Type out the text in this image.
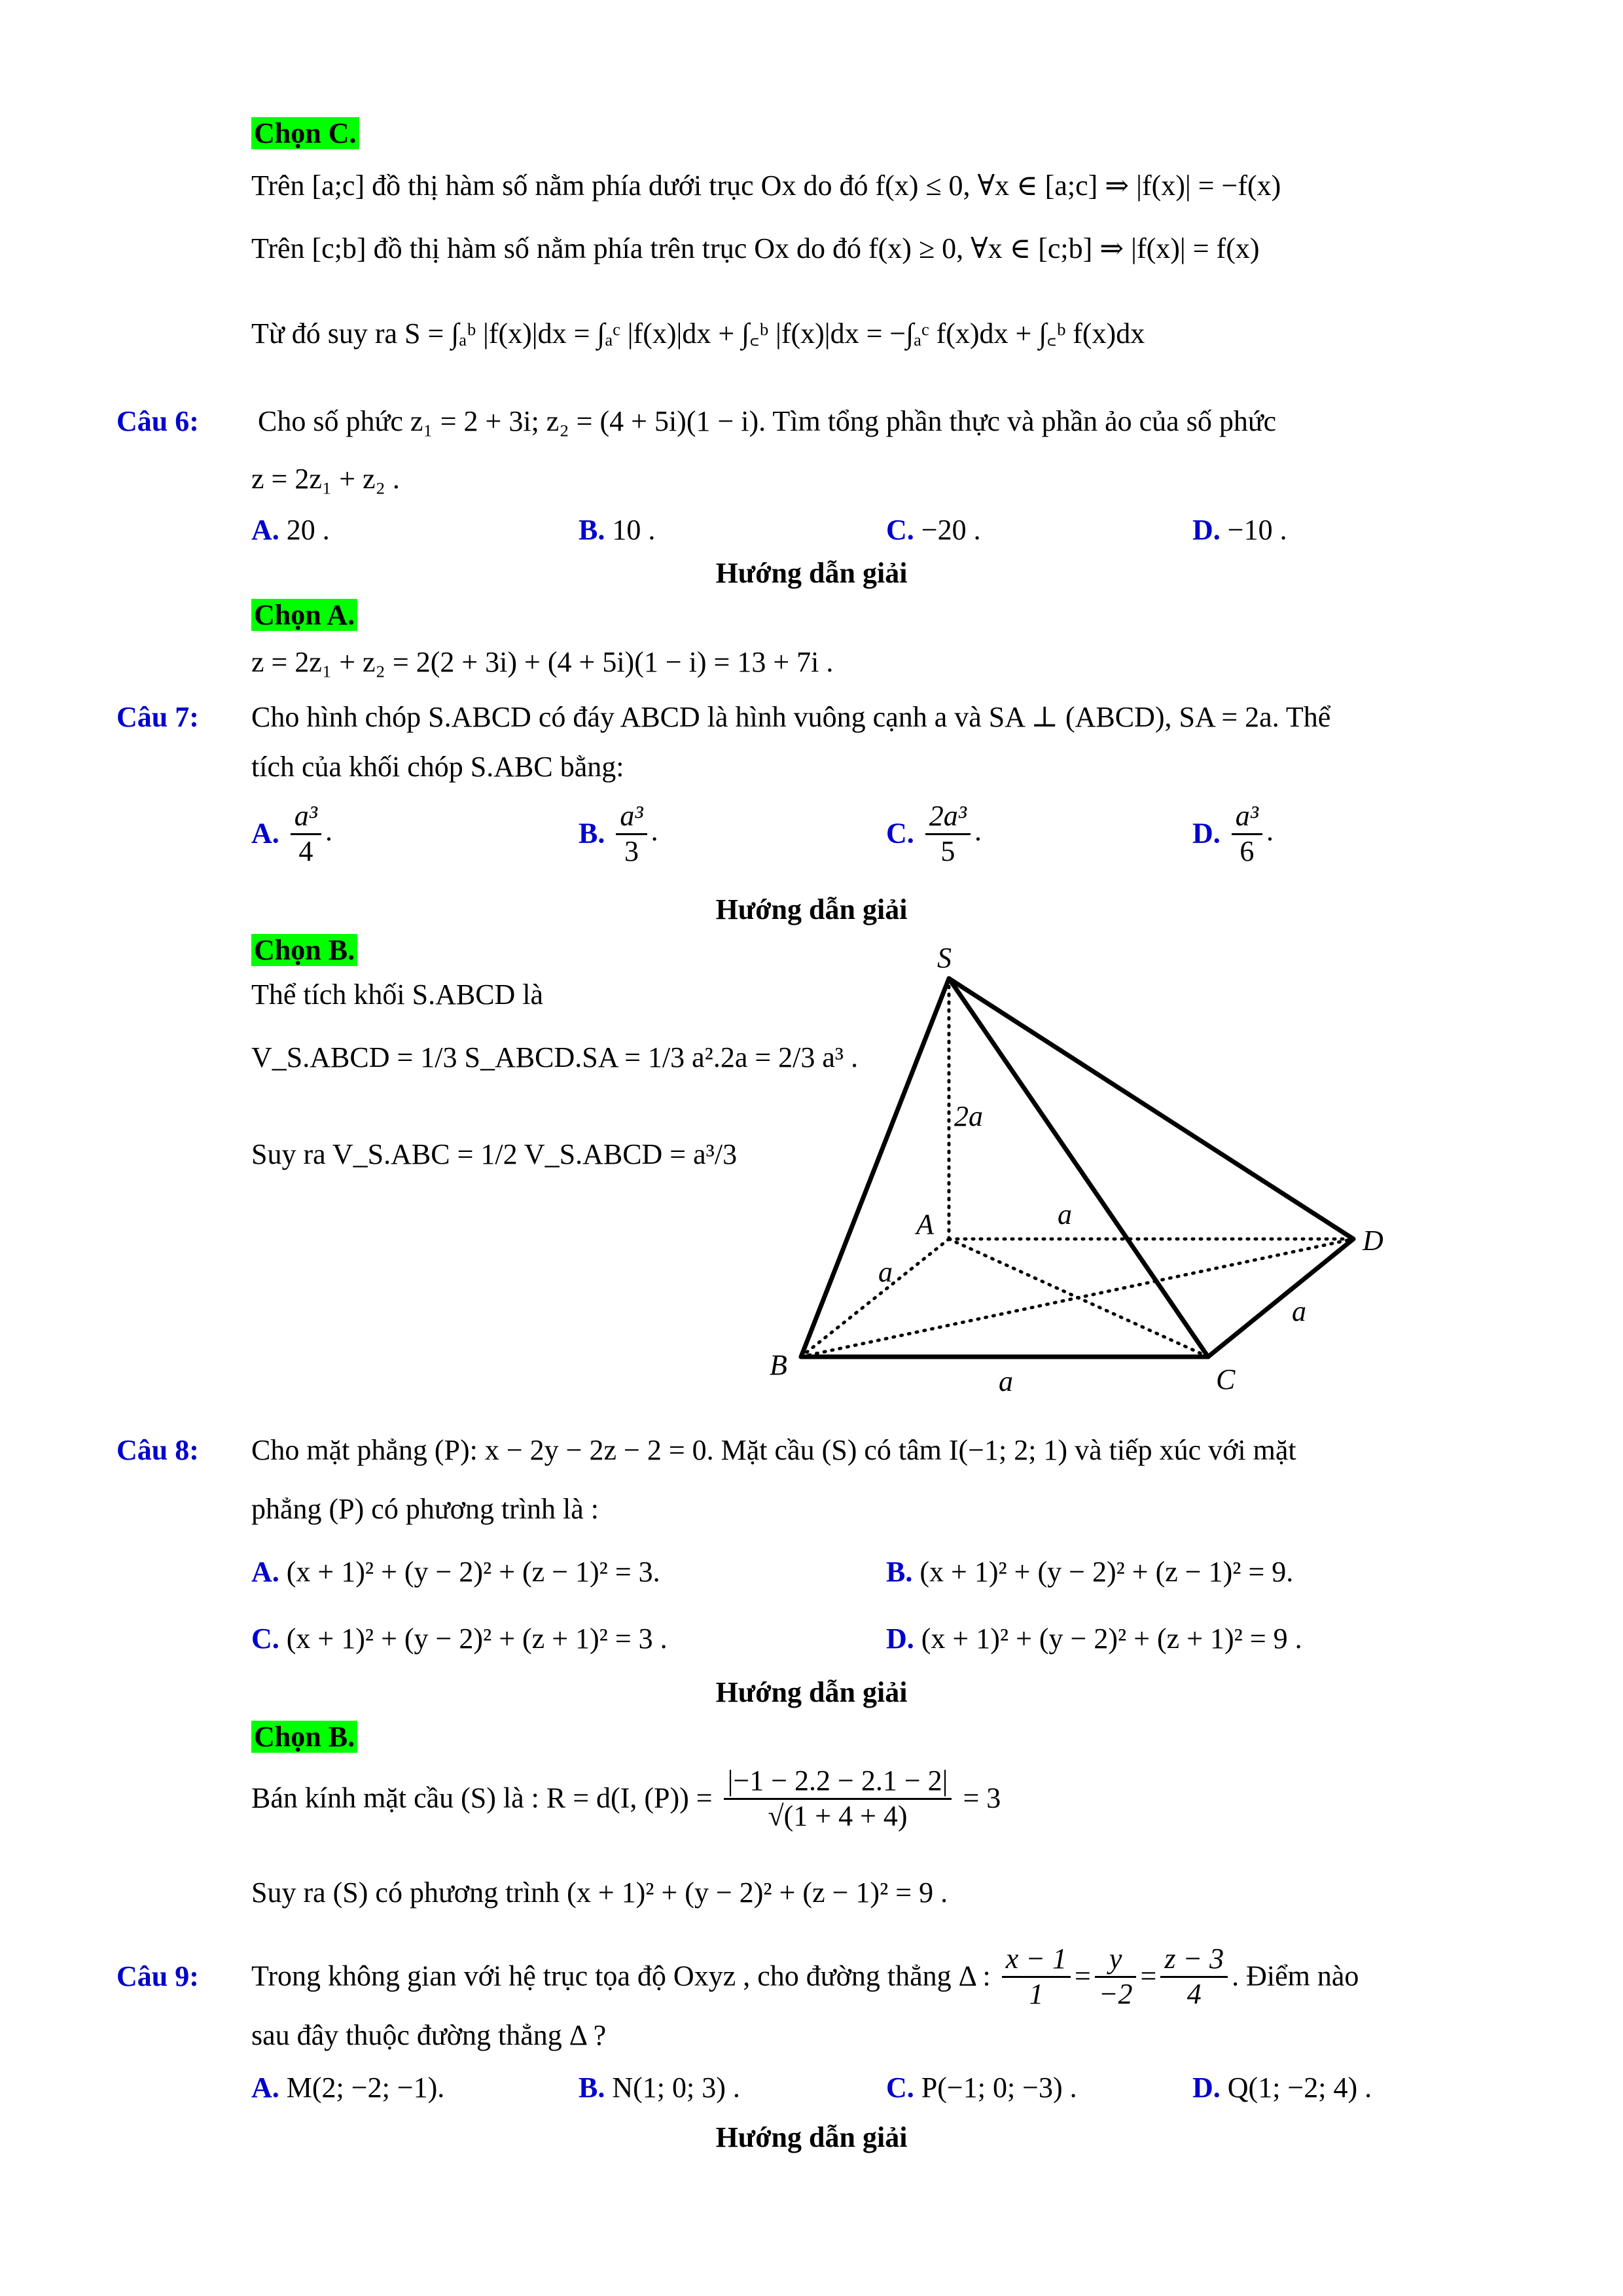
Chọn C.
Trên [a;c] đồ thị hàm số nằm phía dưới trục Ox do đó f(x) ≤ 0, ∀x ∈ [a;c] ⇒ |f(x)| = −f(x)
Trên [c;b] đồ thị hàm số nằm phía trên trục Ox do đó f(x) ≥ 0, ∀x ∈ [c;b] ⇒ |f(x)| = f(x)
Từ đó suy ra S = ∫ₐᵇ |f(x)|dx = ∫ₐᶜ |f(x)|dx + ∫꜀ᵇ |f(x)|dx = −∫ₐᶜ f(x)dx + ∫꜀ᵇ f(x)dx
Câu 6: Cho số phức z₁ = 2 + 3i; z₂ = (4 + 5i)(1 − i). Tìm tổng phần thực và phần ảo của số phức
z = 2z₁ + z₂ .
A. 20 .	B. 10 .	C. −20 .	D. −10 .
Hướng dẫn giải
Chọn A.
z = 2z₁ + z₂ = 2(2 + 3i) + (4 + 5i)(1 − i) = 13 + 7i .
Câu 7: Cho hình chóp S.ABCD có đáy ABCD là hình vuông cạnh a và SA ⊥ (ABCD), SA = 2a. Thể
tích của khối chóp S.ABC bằng:
A. $\frac{\text{a³}}{4}$ .	B. $\frac{\text{a³}}{3}$ .	C. $\frac{\text{2a³}}{5}$ .	D. $\frac{\text{a³}}{6}$ .
Hướng dẫn giải
Chọn B.
Thể tích khối S.ABCD là
V_S.ABCD = 1/3 S_ABCD.SA = 1/3 a².2a = 2/3 a³ .
Suy ra V_S.ABC = 1/2 V_S.ABCD = a³/3
S
A
B	C
D
2a
a
a
a
a
Câu 8: Cho mặt phẳng (P): x − 2y − 2z − 2 = 0. Mặt cầu (S) có tâm I(−1; 2; 1) và tiếp xúc với mặt
phẳng (P) có phương trình là :
A. (x + 1)² + (y − 2)² + (z − 1)² = 3.	B. (x + 1)² + (y − 2)² + (z − 1)² = 9.
C. (x + 1)² + (y − 2)² + (z + 1)² = 3 .	D. (x + 1)² + (y − 2)² + (z + 1)² = 9 .
Hướng dẫn giải
Chọn B.
Bán kính mặt cầu (S) là : R = d(I, $(P)) = \frac{|-1 - 2.2 - 2.1 - 2|}{√(1 + 4 + 4)} = 3$
Suy ra (S) có phương trình (x + 1)² + (y − 2)² + (z − 1)² = 9 .
Câu 9: Trong không gian với hệ trục tọa độ Oxyz , cho đường thẳng Δ : $\frac{x - 1}{1} = \frac{y}{-2} = \frac{z - 3}{4}$ . Điểm nào
sau đây thuộc đường thẳng Δ ?
A. M(2; −2; −1).	B. N(1; 0; 3) .	C. P(−1; 0; −3) .	D. Q(1; −2; 4) .
Hướng dẫn giải
